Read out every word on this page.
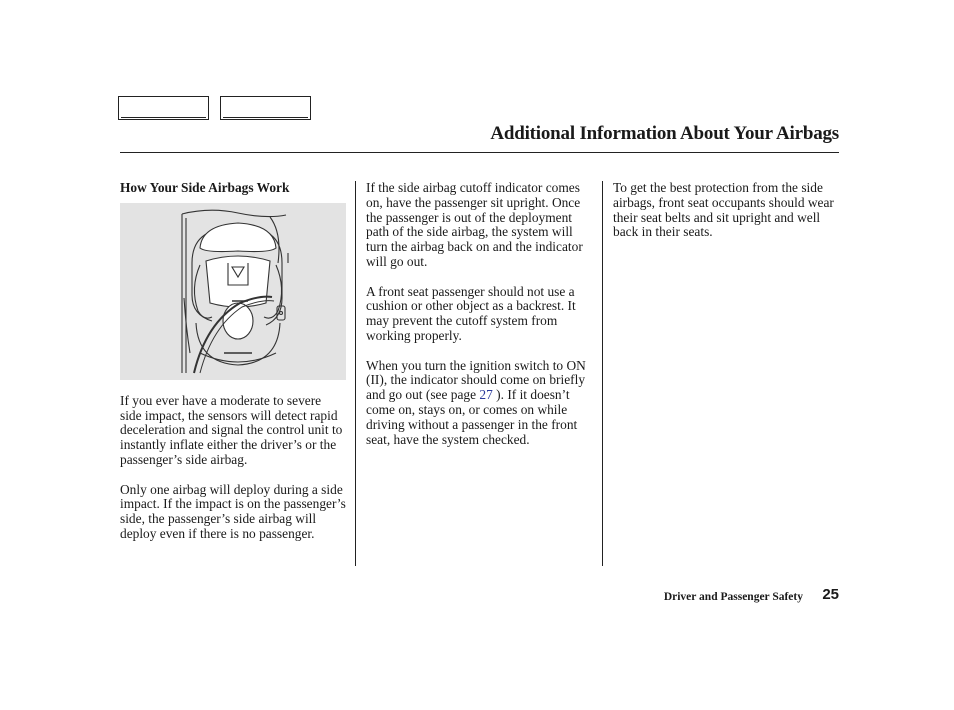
Additional Information About Your Airbags
How Your Side Airbags Work

If you ever have a moderate to severe side impact, the sensors will detect rapid deceleration and signal the control unit to instantly inflate either the driver’s or the passenger’s side airbag.

Only one airbag will deploy during a side impact. If the impact is on the passenger’s side, the passenger’s side airbag will deploy even if there is no passenger.

If the side airbag cutoff indicator comes on, have the passenger sit upright. Once the passenger is out of the deployment path of the side airbag, the system will turn the airbag back on and the indicator will go out.

A front seat passenger should not use a cushion or other object as a backrest. It may prevent the cutoff system from working properly.

When you turn the ignition switch to ON (II), the indicator should come on briefly and go out (see page 27 ). If it doesn’t come on, stays on, or comes on while driving without a passenger in the front seat, have the system checked.

To get the best protection from the side airbags, front seat occupants should wear their seat belts and sit upright and well back in their seats.

Driver and Passenger Safety 25
